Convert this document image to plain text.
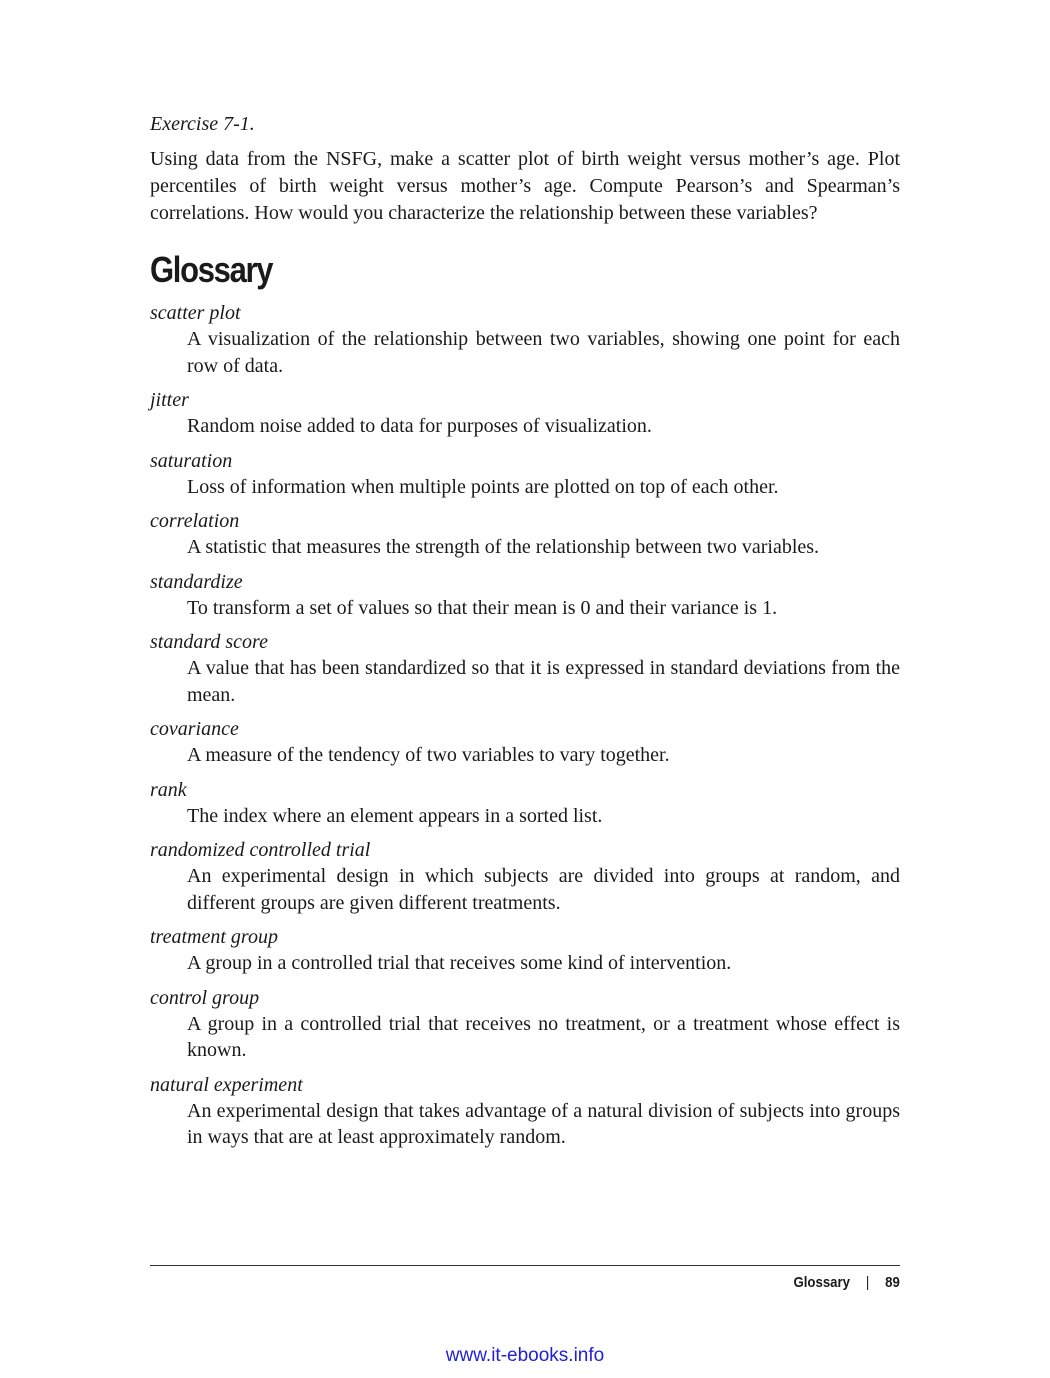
Exercise 7-1.
Using data from the NSFG, make a scatter plot of birth weight versus mother’s age. Plot percentiles of birth weight versus mother’s age. Compute Pearson’s and Spearman’s correlations. How would you characterize the relationship between these variables?
Glossary
scatter plot
A visualization of the relationship between two variables, showing one point for each row of data.
jitter
Random noise added to data for purposes of visualization.
saturation
Loss of information when multiple points are plotted on top of each other.
correlation
A statistic that measures the strength of the relationship between two variables.
standardize
To transform a set of values so that their mean is 0 and their variance is 1.
standard score
A value that has been standardized so that it is expressed in standard deviations from the mean.
covariance
A measure of the tendency of two variables to vary together.
rank
The index where an element appears in a sorted list.
randomized controlled trial
An experimental design in which subjects are divided into groups at random, and different groups are given different treatments.
treatment group
A group in a controlled trial that receives some kind of intervention.
control group
A group in a controlled trial that receives no treatment, or a treatment whose effect is known.
natural experiment
An experimental design that takes advantage of a natural division of subjects into groups in ways that are at least approximately random.
Glossary | 89
www.it-ebooks.info
